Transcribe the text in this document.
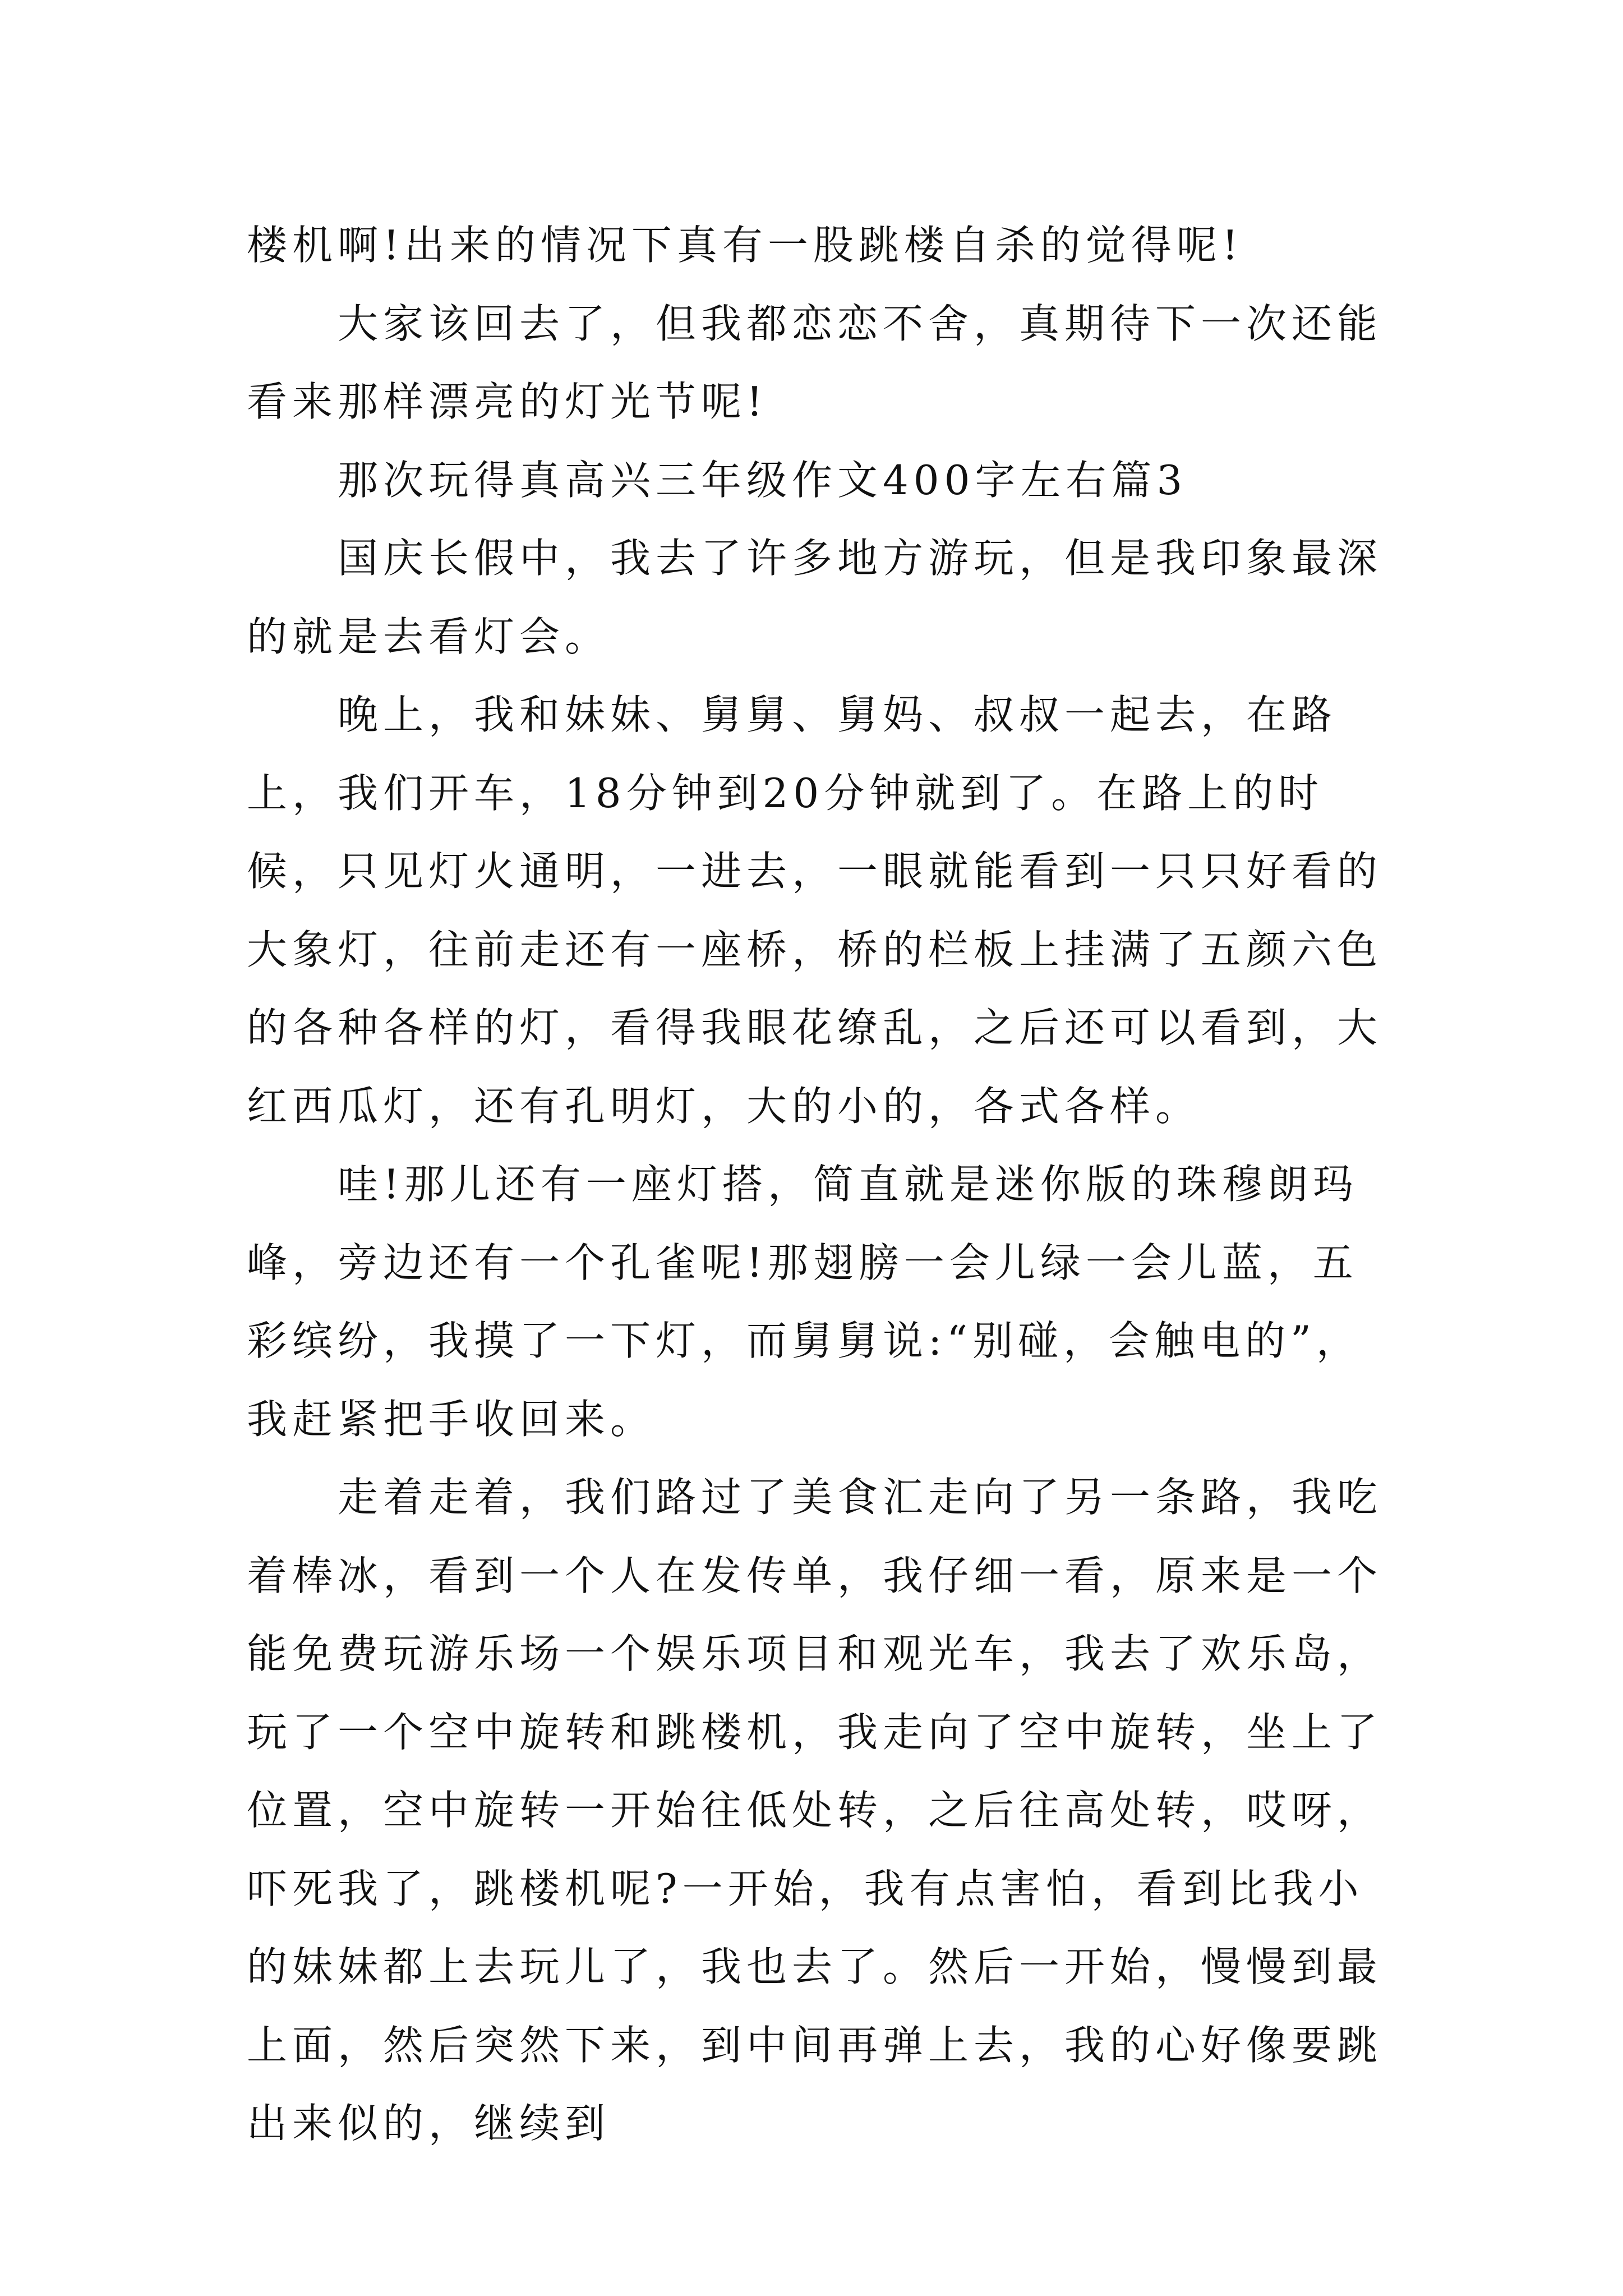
楼机啊!出来的情况下真有一股跳楼自杀的觉得呢!

大家该回去了，但我都恋恋不舍，真期待下一次还能看来那样漂亮的灯光节呢!

那次玩得真高兴三年级作文400字左右篇3

国庆长假中，我去了许多地方游玩，但是我印象最深的就是去看灯会。

晚上，我和妹妹、舅舅、舅妈、叔叔一起去，在路上，我们开车，18分钟到20分钟就到了。在路上的时候，只见灯火通明，一进去，一眼就能看到一只只好看的大象灯，往前走还有一座桥，桥的栏板上挂满了五颜六色的各种各样的灯，看得我眼花缭乱，之后还可以看到，大红西瓜灯，还有孔明灯，大的小的，各式各样。

哇!那儿还有一座灯搭，简直就是迷你版的珠穆朗玛峰，旁边还有一个孔雀呢!那翅膀一会儿绿一会儿蓝，五彩缤纷，我摸了一下灯，而舅舅说:“别碰，会触电的”，我赶紧把手收回来。

走着走着，我们路过了美食汇走向了另一条路，我吃着棒冰，看到一个人在发传单，我仔细一看，原来是一个能免费玩游乐场一个娱乐项目和观光车，我去了欢乐岛，玩了一个空中旋转和跳楼机，我走向了空中旋转，坐上了位置，空中旋转一开始往低处转，之后往高处转，哎呀，吓死我了，跳楼机呢?一开始，我有点害怕，看到比我小的妹妹都上去玩儿了，我也去了。然后一开始，慢慢到最上面，然后突然下来，到中间再弹上去，我的心好像要跳出来似的，继续到
